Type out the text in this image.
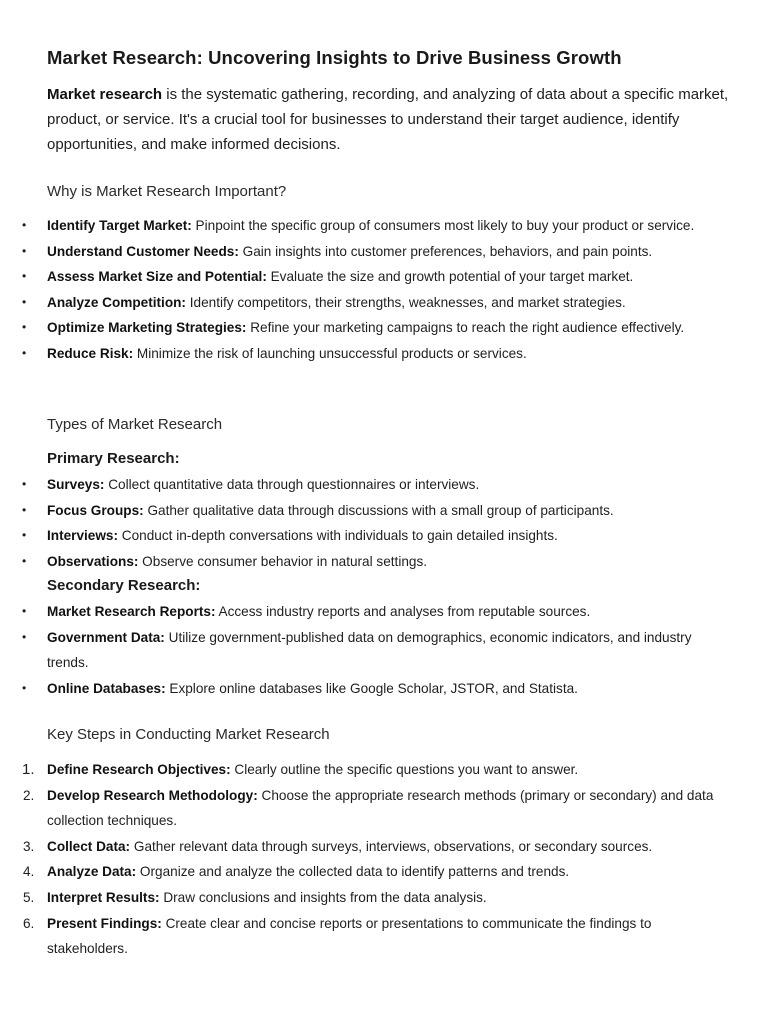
Market Research: Uncovering Insights to Drive Business Growth

Market research is the systematic gathering, recording, and analyzing of data about a specific market, product, or service. It's a crucial tool for businesses to understand their target audience, identify opportunities, and make informed decisions.

Why is Market Research Important?
• Identify Target Market: Pinpoint the specific group of consumers most likely to buy your product or service.
• Understand Customer Needs: Gain insights into customer preferences, behaviors, and pain points.
• Assess Market Size and Potential: Evaluate the size and growth potential of your target market.
• Analyze Competition: Identify competitors, their strengths, weaknesses, and market strategies.
• Optimize Marketing Strategies: Refine your marketing campaigns to reach the right audience effectively.
• Reduce Risk: Minimize the risk of launching unsuccessful products or services.
Types of Market Research
Primary Research:
• Surveys: Collect quantitative data through questionnaires or interviews.
• Focus Groups: Gather qualitative data through discussions with a small group of participants.
• Interviews: Conduct in-depth conversations with individuals to gain detailed insights.
• Observations: Observe consumer behavior in natural settings.
Secondary Research:
• Market Research Reports: Access industry reports and analyses from reputable sources.
• Government Data: Utilize government-published data on demographics, economic indicators, and industry trends.
• Online Databases: Explore online databases like Google Scholar, JSTOR, and Statista.
Key Steps in Conducting Market Research
1. Define Research Objectives: Clearly outline the specific questions you want to answer.
2. Develop Research Methodology: Choose the appropriate research methods (primary or secondary) and data collection techniques.
3. Collect Data: Gather relevant data through surveys, interviews, observations, or secondary sources.
4. Analyze Data: Organize and analyze the collected data to identify patterns and trends.
5. Interpret Results: Draw conclusions and insights from the data analysis.
6. Present Findings: Create clear and concise reports or presentations to communicate the findings to stakeholders.
